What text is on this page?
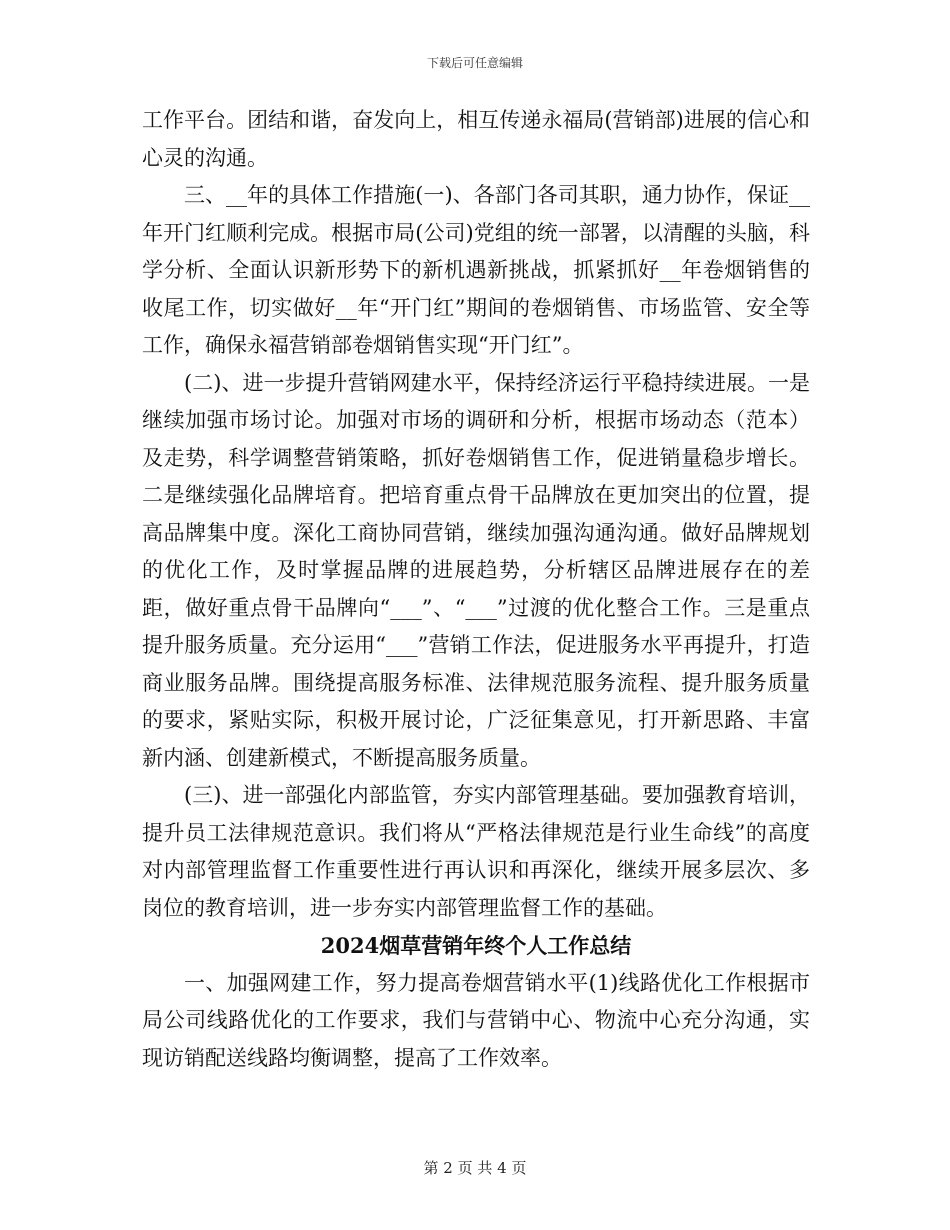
下载后可任意编辑

工作平台。团结和谐，奋发向上，相互传递永福局(营销部)进展的信心和心灵的沟通。

三、__年的具体工作措施(一)、各部门各司其职，通力协作，保证__年开门红顺利完成。根据市局(公司)党组的统一部署，以清醒的头脑，科学分析、全面认识新形势下的新机遇新挑战，抓紧抓好__年卷烟销售的收尾工作，切实做好__年“开门红”期间的卷烟销售、市场监管、安全等工作，确保永福营销部卷烟销售实现“开门红”。

(二)、进一步提升营销网建水平，保持经济运行平稳持续进展。一是继续加强市场讨论。加强对市场的调研和分析，根据市场动态（范本）及走势，科学调整营销策略，抓好卷烟销售工作，促进销量稳步增长。二是继续强化品牌培育。把培育重点骨干品牌放在更加突出的位置，提高品牌集中度。深化工商协同营销，继续加强沟通沟通。做好品牌规划的优化工作，及时掌握品牌的进展趋势，分析辖区品牌进展存在的差距，做好重点骨干品牌向“___”、“___”过渡的优化整合工作。三是重点提升服务质量。充分运用“___”营销工作法，促进服务水平再提升，打造商业服务品牌。围绕提高服务标准、法律规范服务流程、提升服务质量的要求，紧贴实际，积极开展讨论，广泛征集意见，打开新思路、丰富新内涵、创建新模式，不断提高服务质量。

(三)、进一部强化内部监管，夯实内部管理基础。要加强教育培训，提升员工法律规范意识。我们将从“严格法律规范是行业生命线”的高度对内部管理监督工作重要性进行再认识和再深化，继续开展多层次、多岗位的教育培训，进一步夯实内部管理监督工作的基础。

2024烟草营销年终个人工作总结

一、加强网建工作，努力提高卷烟营销水平(1)线路优化工作根据市局公司线路优化的工作要求，我们与营销中心、物流中心充分沟通，实现访销配送线路均衡调整，提高了工作效率。

第 2 页 共 4 页
